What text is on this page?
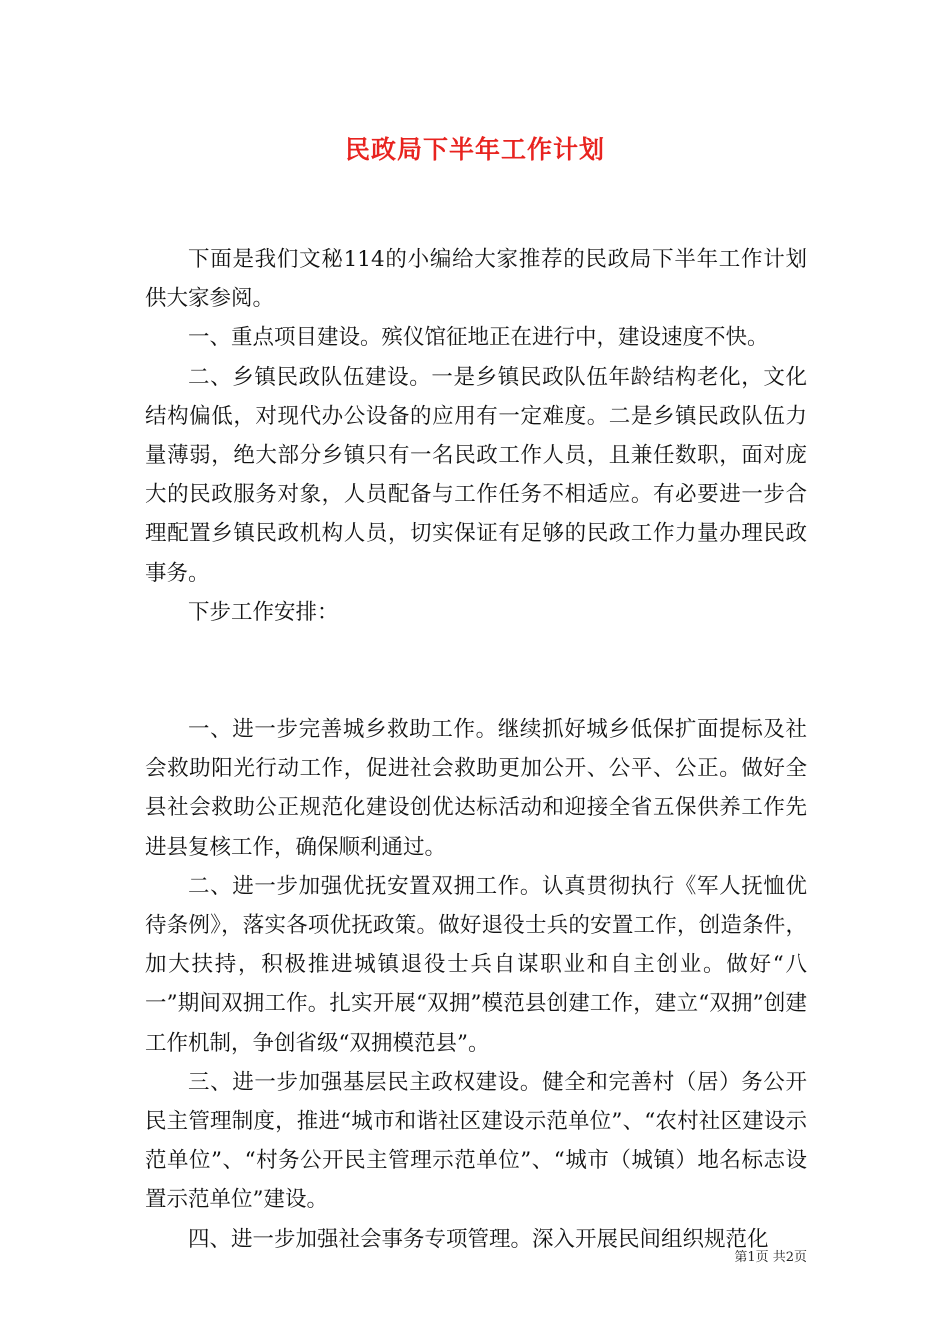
民政局下半年工作计划

下面是我们文秘114的小编给大家推荐的民政局下半年工作计划供大家参阅。

一、重点项目建设。殡仪馆征地正在进行中，建设速度不快。

二、乡镇民政队伍建设。一是乡镇民政队伍年龄结构老化，文化结构偏低，对现代办公设备的应用有一定难度。二是乡镇民政队伍力量薄弱，绝大部分乡镇只有一名民政工作人员，且兼任数职，面对庞大的民政服务对象，人员配备与工作任务不相适应。有必要进一步合理配置乡镇民政机构人员，切实保证有足够的民政工作力量办理民政事务。

下步工作安排：

一、进一步完善城乡救助工作。继续抓好城乡低保扩面提标及社会救助阳光行动工作，促进社会救助更加公开、公平、公正。做好全县社会救助公正规范化建设创优达标活动和迎接全省五保供养工作先进县复核工作，确保顺利通过。

二、进一步加强优抚安置双拥工作。认真贯彻执行《军人抚恤优待条例》，落实各项优抚政策。做好退役士兵的安置工作，创造条件，加大扶持，积极推进城镇退役士兵自谋职业和自主创业。做好“八一”期间双拥工作。扎实开展“双拥”模范县创建工作，建立“双拥”创建工作机制，争创省级“双拥模范县”。

三、进一步加强基层民主政权建设。健全和完善村（居）务公开民主管理制度，推进“城市和谐社区建设示范单位”、“农村社区建设示范单位”、“村务公开民主管理示范单位”、“城市（城镇）地名标志设置示范单位”建设。

四、进一步加强社会事务专项管理。深入开展民间组织规范化

第1页 共2页
